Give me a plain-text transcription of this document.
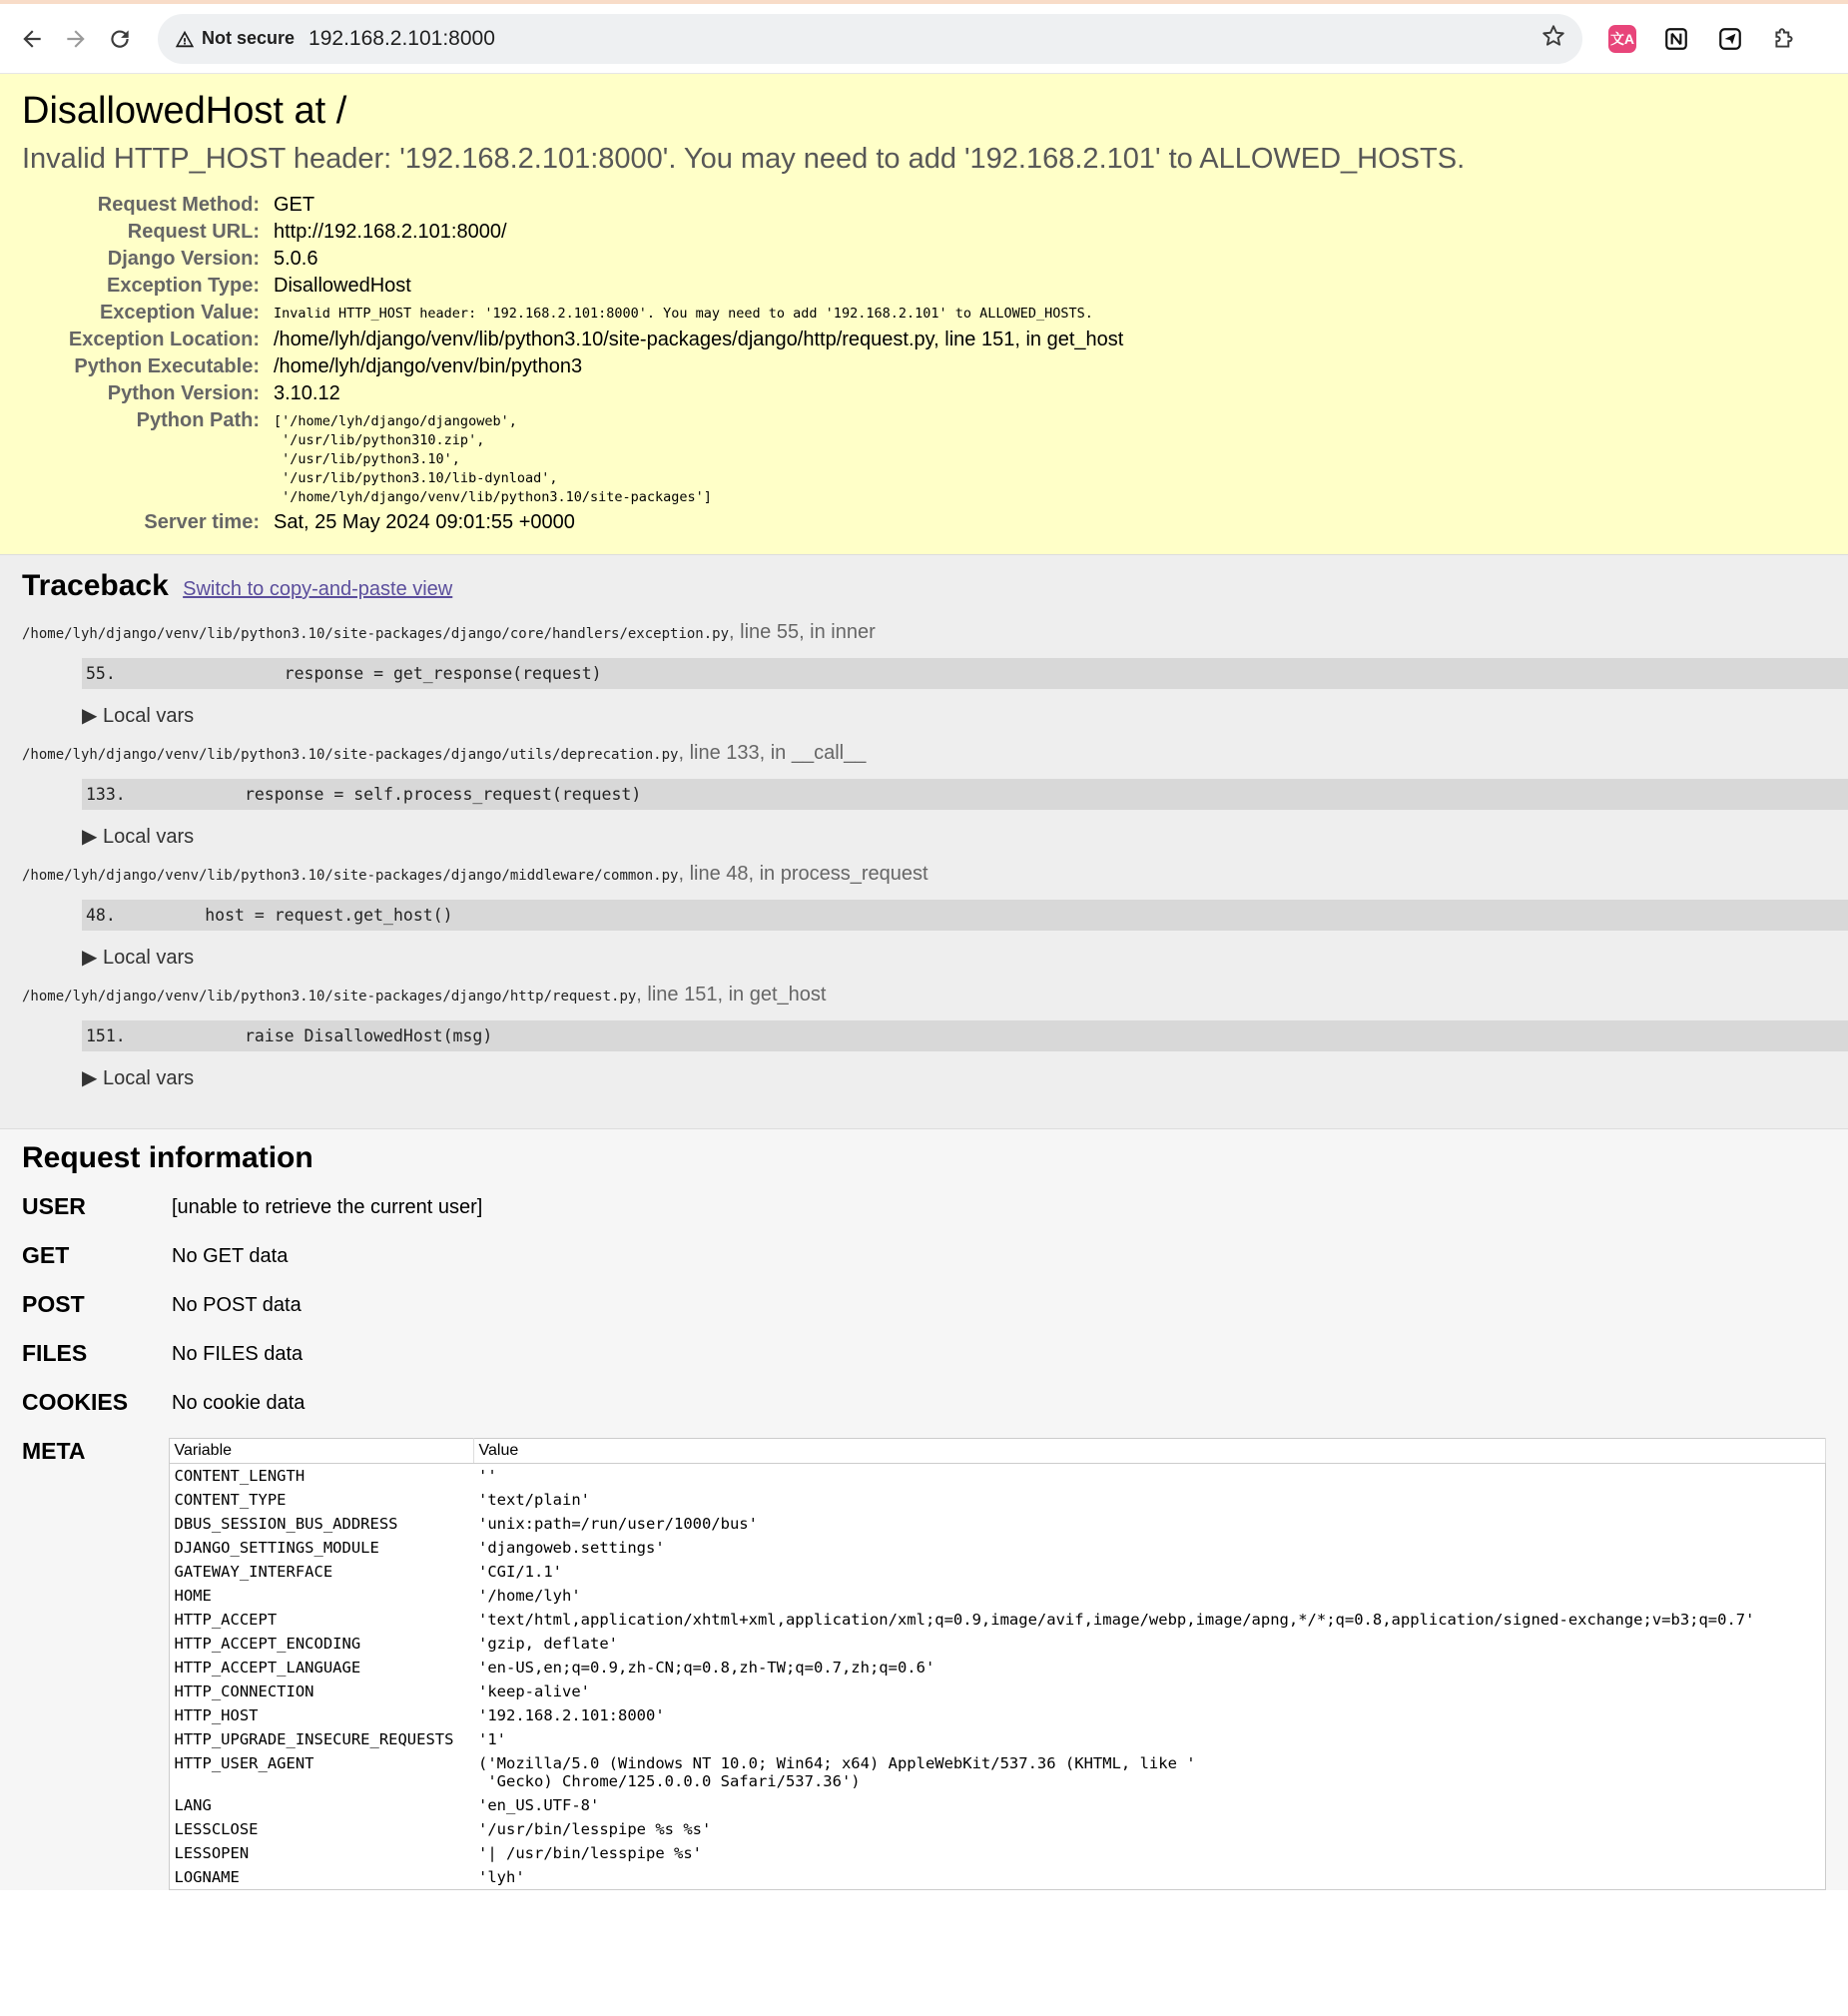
Not secure 192.168.2.101:8000	文A
DisallowedHost at /
Invalid HTTP_HOST header: '192.168.2.101:8000'. You may need to add '192.168.2.101' to ALLOWED_HOSTS.
Request Method:	GET
Request URL:	http://192.168.2.101:8000/
Django Version:	5.0.6
Exception Type:	DisallowedHost
Exception Value:	Invalid HTTP_HOST header: '192.168.2.101:8000'. You may need to add '192.168.2.101' to ALLOWED_HOSTS.
Exception Location:	/home/lyh/django/venv/lib/python3.10/site-packages/django/http/request.py, line 151, in get_host
Python Executable:	/home/lyh/django/venv/bin/python3
Python Version:	3.10.12
Python Path:	['/home/lyh/django/djangoweb',
'/usr/lib/python310.zip',
'/usr/lib/python3.10',
'/usr/lib/python3.10/lib-dynload',
'/home/lyh/django/venv/lib/python3.10/site-packages']

Server time:	Sat, 25 May 2024 09:01:55 +0000
Traceback Switch to copy-and-paste view
/home/lyh/django/venv/lib/python3.10/site-packages/django/core/handlers/exception.py, line 55, in inner
55.                 response = get_response(request)
▶ Local vars
/home/lyh/django/venv/lib/python3.10/site-packages/django/utils/deprecation.py, line 133, in __call__
133.            response = self.process_request(request)
▶ Local vars
/home/lyh/django/venv/lib/python3.10/site-packages/django/middleware/common.py, line 48, in process_request
48.         host = request.get_host()
▶ Local vars
/home/lyh/django/venv/lib/python3.10/site-packages/django/http/request.py, line 151, in get_host
151.            raise DisallowedHost(msg)
▶ Local vars
Request information
USER	[unable to retrieve the current user]
GET	No GET data
POST	No POST data
FILES	No FILES data
COOKIES	No cookie data
META	Variable	Value
CONTENT_LENGTH	''
CONTENT_TYPE	'text/plain'
DBUS_SESSION_BUS_ADDRESS	'unix:path=/run/user/1000/bus'
DJANGO_SETTINGS_MODULE	'djangoweb.settings'
GATEWAY_INTERFACE	'CGI/1.1'
HOME	'/home/lyh'
HTTP_ACCEPT	'text/html,application/xhtml+xml,application/xml;q=0.9,image/avif,image/webp,image/apng,*/*;q=0.8,application/signed-exchange;v=b3;q=0.7'
HTTP_ACCEPT_ENCODING	'gzip, deflate'
HTTP_ACCEPT_LANGUAGE	'en-US,en;q=0.9,zh-CN;q=0.8,zh-TW;q=0.7,zh;q=0.6'
HTTP_CONNECTION	'keep-alive'
HTTP_HOST	'192.168.2.101:8000'
HTTP_UPGRADE_INSECURE_REQUESTS	'1'
HTTP_USER_AGENT	('Mozilla/5.0 (Windows NT 10.0; Win64; x64) AppleWebKit/537.36 (KHTML, like '
'Gecko) Chrome/125.0.0.0 Safari/537.36')
LANG	'en_US.UTF-8'
LESSCLOSE	'/usr/bin/lesspipe %s %s'
LESSOPEN	'| /usr/bin/lesspipe %s'
LOGNAME	'lyh'
